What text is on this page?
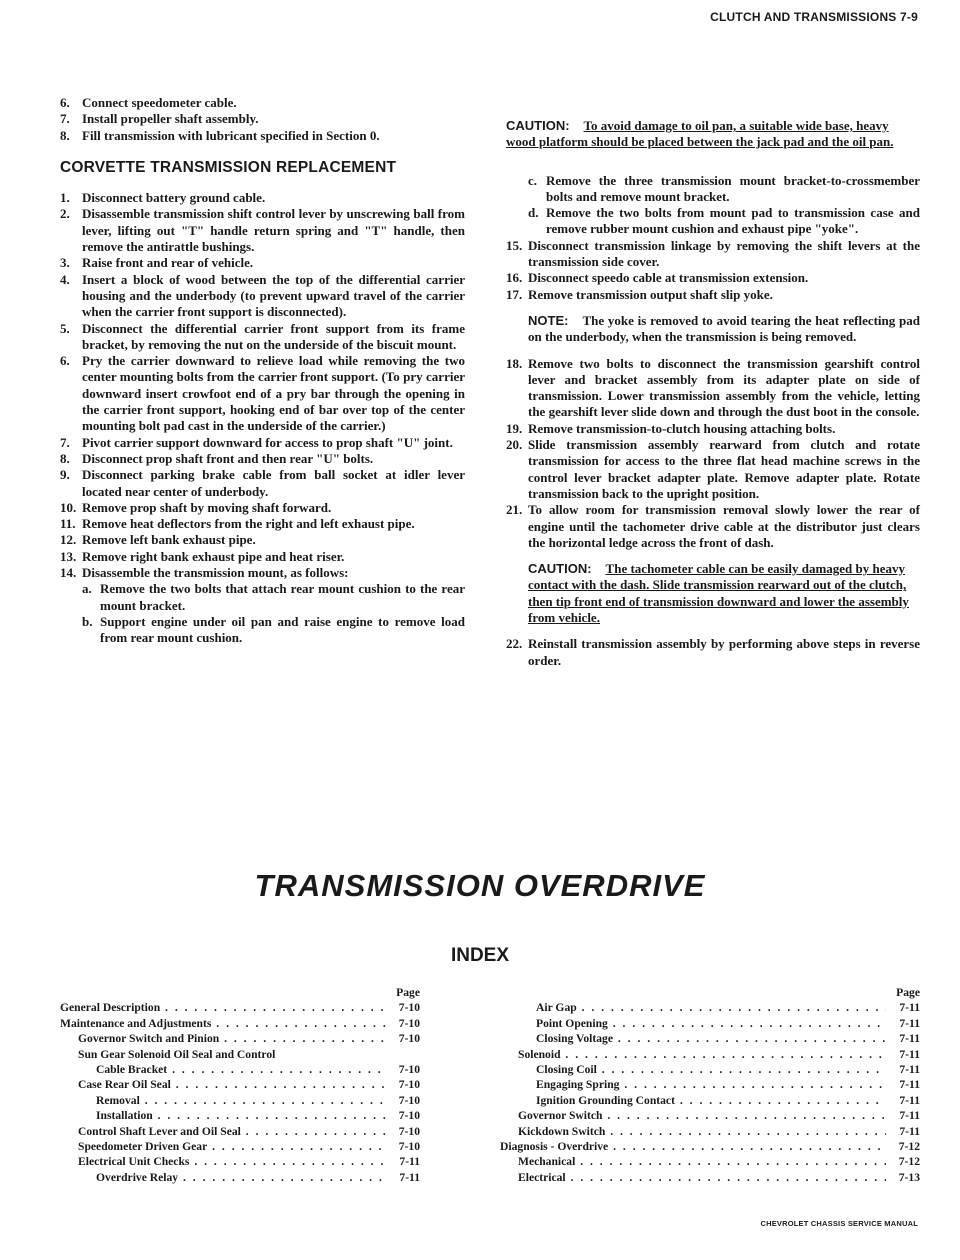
CLUTCH AND TRANSMISSIONS 7-9
6. Connect speedometer cable.
7. Install propeller shaft assembly.
8. Fill transmission with lubricant specified in Section 0.
CORVETTE TRANSMISSION REPLACEMENT
1. Disconnect battery ground cable.
2. Disassemble transmission shift control lever by unscrewing ball from lever, lifting out "T" handle return spring and "T" handle, then remove the antirattle bushings.
3. Raise front and rear of vehicle.
4. Insert a block of wood between the top of the differential carrier housing and the underbody (to prevent upward travel of the carrier when the carrier front support is disconnected).
5. Disconnect the differential carrier front support from its frame bracket, by removing the nut on the underside of the biscuit mount.
6. Pry the carrier downward to relieve load while removing the two center mounting bolts from the carrier front support. (To pry carrier downward insert crowfoot end of a pry bar through the opening in the carrier front support, hooking end of bar over top of the center mounting bolt pad cast in the underside of the carrier.)
7. Pivot carrier support downward for access to prop shaft "U" joint.
8. Disconnect prop shaft front and then rear "U" bolts.
9. Disconnect parking brake cable from ball socket at idler lever located near center of underbody.
10. Remove prop shaft by moving shaft forward.
11. Remove heat deflectors from the right and left exhaust pipe.
12. Remove left bank exhaust pipe.
13. Remove right bank exhaust pipe and heat riser.
14. Disassemble the transmission mount, as follows:
a. Remove the two bolts that attach rear mount cushion to the rear mount bracket.
b. Support engine under oil pan and raise engine to remove load from rear mount cushion.
CAUTION: To avoid damage to oil pan, a suitable wide base, heavy wood platform should be placed between the jack pad and the oil pan.
c. Remove the three transmission mount bracket-to-crossmember bolts and remove mount bracket.
d. Remove the two bolts from mount pad to transmission case and remove rubber mount cushion and exhaust pipe "yoke".
15. Disconnect transmission linkage by removing the shift levers at the transmission side cover.
16. Disconnect speedo cable at transmission extension.
17. Remove transmission output shaft slip yoke.
NOTE: The yoke is removed to avoid tearing the heat reflecting pad on the underbody, when the transmission is being removed.
18. Remove two bolts to disconnect the transmission gearshift control lever and bracket assembly from its adapter plate on side of transmission. Lower transmission assembly from the vehicle, letting the gearshift lever slide down and through the dust boot in the console.
19. Remove transmission-to-clutch housing attaching bolts.
20. Slide transmission assembly rearward from clutch and rotate transmission for access to the three flat head machine screws in the control lever bracket adapter plate. Remove adapter plate. Rotate transmission back to the upright position.
21. To allow room for transmission removal slowly lower the rear of engine until the tachometer drive cable at the distributor just clears the horizontal ledge across the front of dash.
CAUTION: The tachometer cable can be easily damaged by heavy contact with the dash. Slide transmission rearward out of the clutch, then tip front end of transmission downward and lower the assembly from vehicle.
22. Reinstall transmission assembly by performing above steps in reverse order.
TRANSMISSION OVERDRIVE
INDEX
Page
General Description . . .	7-10
Maintenance and Adjustments . . .	7-10
Governor Switch and Pinion . . .	7-10
Sun Gear Solenoid Oil Seal and Control
Cable Bracket . . .	7-10
Case Rear Oil Seal . . .	7-10
Removal . . .	7-10
Installation . . .	7-10
Control Shaft Lever and Oil Seal . . .	7-10
Speedometer Driven Gear . . .	7-10
Electrical Unit Checks . . .	7-11
Overdrive Relay . . .	7-11
Page
Air Gap . . .	7-11
Point Opening . . .	7-11
Closing Voltage . . .	7-11
Solenoid . . .	7-11
Closing Coil . . .	7-11
Engaging Spring . . .	7-11
Ignition Grounding Contact . . .	7-11
Governor Switch . . .	7-11
Kickdown Switch . . .	7-11
Diagnosis - Overdrive . . .	7-12
Mechanical . . .	7-12
Electrical . . .	7-13
CHEVROLET CHASSIS SERVICE MANUAL
